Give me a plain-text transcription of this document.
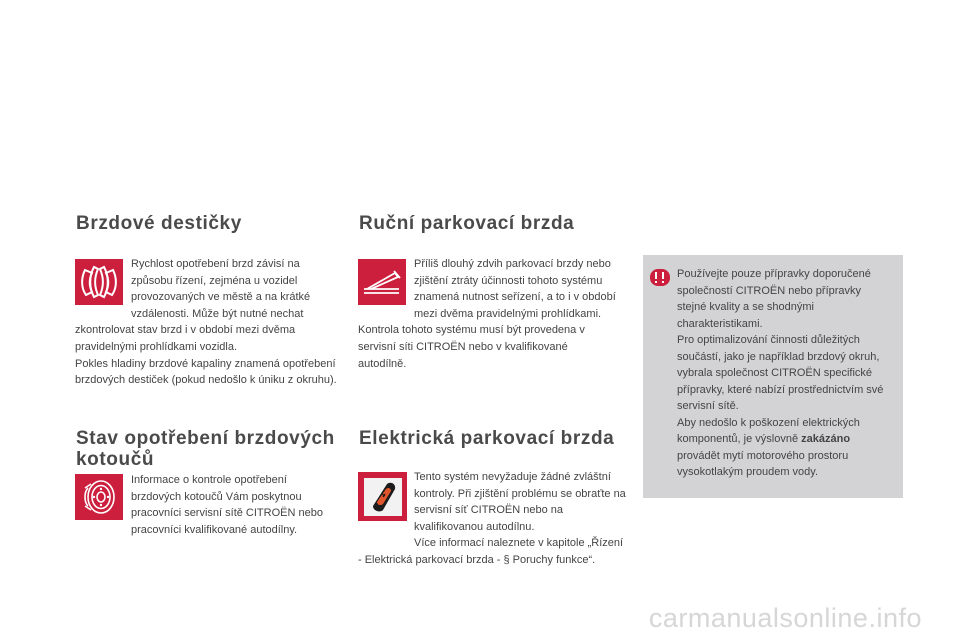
Brzdové destičky

Rychlost opotřebení brzd závisí na způsobu řízení, zejména u vozidel provozovaných ve městě a na krátké vzdálenosti. Může být nutné nechat zkontrolovat stav brzd i v období mezi dvěma pravidelnými prohlídkami vozidla.

Pokles hladiny brzdové kapaliny znamená opotřebení brzdových destiček (pokud nedošlo k úniku z okruhu).

Stav opotřebení brzdových kotoučů

Informace o kontrole opotřebení brzdových kotoučů Vám poskytnou pracovníci servisní sítě CITROËN nebo pracovníci kvalifikované autodílny.

Ruční parkovací brzda

Příliš dlouhý zdvih parkovací brzdy nebo zjištění ztráty účinnosti tohoto systému znamená nutnost seřízení, a to i v období mezi dvěma pravidelnými prohlídkami.

Kontrola tohoto systému musí být provedena v servisní síti CITROËN nebo v kvalifikované autodílně.

Elektrická parkovací brzda

Tento systém nevyžaduje žádné zvláštní kontroly. Při zjištění problému se obraťte na servisní síť CITROËN nebo na kvalifikovanou autodílnu.

Více informací naleznete v kapitole „Řízení - Elektrická parkovací brzda - § Poruchy funkce“.

Používejte pouze přípravky doporučené společností CITROËN nebo přípravky stejné kvality a se shodnými charakteristikami.

Pro optimalizování činnosti důležitých součástí, jako je například brzdový okruh, vybrala společnost CITROËN specifické přípravky, které nabízí prostřednictvím své servisní sítě.

Aby nedošlo k poškození elektrických komponentů, je výslovně zakázáno provádět mytí motorového prostoru vysokotlakým proudem vody.

carmanualsonline.info
